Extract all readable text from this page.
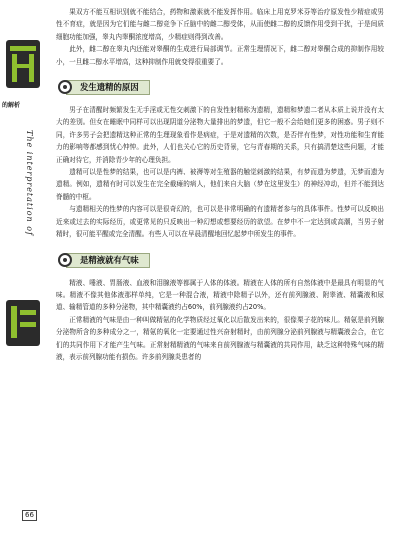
的解析
The interpretation of
66

果双方不能互相识别就不能结合，药物和激素就不能发挥作用。临床上用克罗米芬等治疗原发性少精症或男性不育症，就是因为它们能与雌二醇竞争下丘脑中的雌二醇受体，从而使雌二醇的反馈作用受到干扰，于是间质细胞功能加强，睾丸内睾酮浓度增高，少精症则得到改善。

此外，雌二醇在睾丸内还能对睾酮的生成进行局部调节。正常生理情况下，雌二醇对睾酮合成的抑制作用较小，一旦雌二醇水平增高，这种抑制作用就变得很重要了。

发生遗精的原因

男子在清醒时频繁发生无手淫或无性交刺激下的自发性射精称为遗精，遗精和梦遗二者从本质上说并没有太大的差别。但女在睡眠中同样可以出现阴道分泌物大量排出的梦遗，但它一般不会给她们更多的困惑。男子则不同，许多男子会把遗精这种正常的生理现象看作是病症，于是对遗精的次数，是否伴有性梦，对性功能和生育能力的影响等都感到忧心忡忡。此外，人们也关心它的历史背景，它与青春期的关系，只有搞清楚这些问题，才能正确对待它，并消除青少年的心理负担。

遗精可以是性梦的结果，也可以是内裤、被褥等对生殖器的触觉刺激的结果，有梦而遗为梦遗，无梦而遗为遗精。例如，遗精有时可以发生在完全截瘫的病人，他们来自大脑（梦在这里发生）的神经冲动，但并不能到达脊髓的中枢。

与遗精相关的性梦的内容可以是很奇幻的，也可以是非常明确的有遗精者参与的具体事件。性梦可以反映出近来或过去的实际经历，或更常见的只反映出一种幻想或想要经历的欲望。在梦中不一定达到或高潮，当男子射精时，很可能平醒或完全清醒。有些人可以在早晨清醒地回忆起梦中所发生的事件。

是精液就有气味

精液、唾液、胃肠液、血液和泪腺液等都属于人体的体液。精液在人体的所有自然体液中是最具有明显的气味。精液不像其他体液那样单纯，它是一种混合液，精液中除精子以外，还有前列腺液、附睾液、精囊液和尿道、输精管道的多种分泌物，其中精囊液约占60%，前列腺液约占20%。

正常精液的气味是由一种叫做精氨的化学物质经过氧化以后散发出来的，很像栗子花的味儿。精氨是前列腺分泌物所含的多种成分之一，精氨的氧化一定要通过性兴奋射精时，由前列腺分泌前列腺液与精囊液会合，在它们的共同作用下才能产生气味。正常射精精液的气味来自前列腺液与精囊液的共同作用，缺乏这种特殊气味的精液，表示前列腺功能有损伤。许多前列腺炎患者的
